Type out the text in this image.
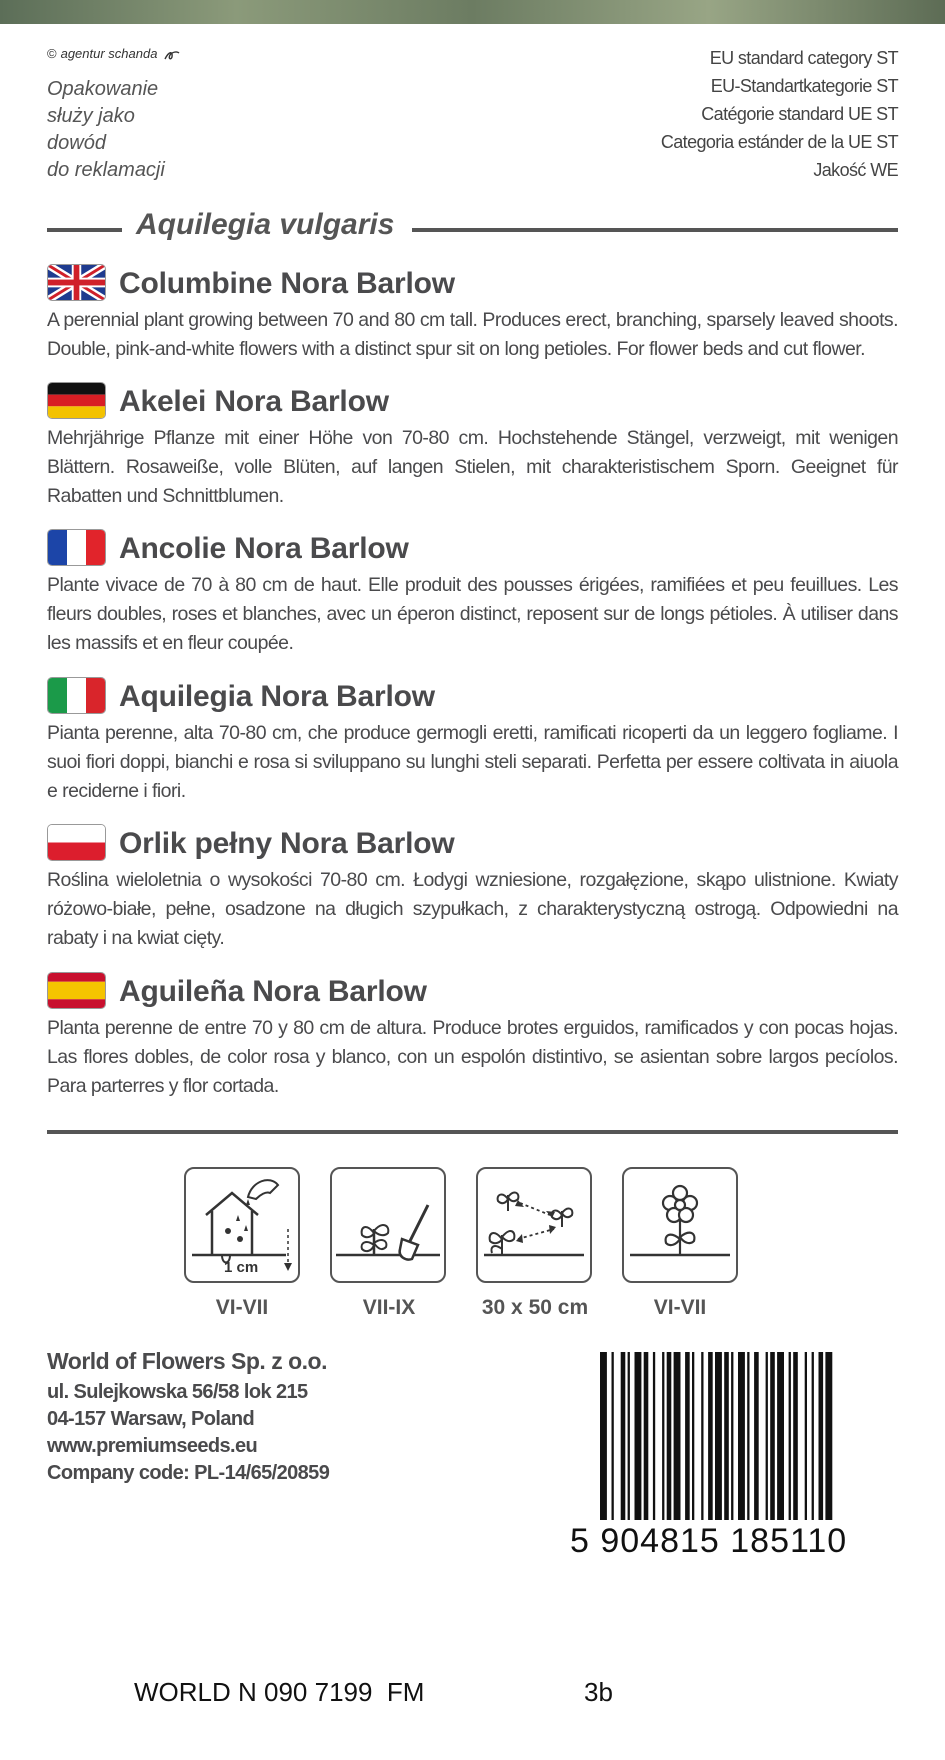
© agentur schanda
Opakowanie
służy jako
dowód
do reklamacji
EU standard category ST
EU-Standartkategorie ST
Catégorie standard UE ST
Categoria estánder de la UE ST
Jakość WE
Aquilegia vulgaris
Columbine Nora Barlow
A perennial plant growing between 70 and 80 cm tall. Produces erect, branching, sparsely leaved shoots. Double, pink-and-white flowers with a distinct spur sit on long petioles. For flower beds and cut flower.
Akelei Nora Barlow
Mehrjährige Pflanze mit einer Höhe von 70-80 cm. Hochstehende Stängel, verzweigt, mit wenigen Blättern. Rosaweiße, volle Blüten, auf langen Stielen, mit charakteristischem Sporn. Geeignet für Rabatten und Schnittblumen.
Ancolie Nora Barlow
Plante vivace de 70 à 80 cm de haut. Elle produit des pousses érigées, ramifiées et peu feuillues. Les fleurs doubles, roses et blanches, avec un éperon distinct, reposent sur de longs pétioles. À utiliser dans les massifs et en fleur coupée.
Aquilegia Nora Barlow
Pianta perenne, alta 70-80 cm, che produce germogli eretti, ramificati ricoperti da un leggero fogliame. I suoi fiori doppi, bianchi e rosa si sviluppano su lunghi steli separati. Perfetta per essere coltivata in aiuola e reciderne i fiori.
Orlik pełny Nora Barlow
Roślina wieloletnia o wysokości 70-80 cm. Łodygi wzniesione, rozgałęzione, skąpo ulistnione. Kwiaty różowo-białe, pełne, osadzone na długich szypułkach, z charakterystyczną ostrogą. Odpowiedni na rabaty i na kwiat cięty.
Aguileña Nora Barlow
Planta perenne de entre 70 y 80 cm de altura. Produce brotes erguidos, ramificados y con pocas hojas. Las flores dobles, de color rosa y blanco, con un espolón distintivo, se asientan sobre largos pecíolos. Para parterres y flor cortada.
1 cm
VI-VII	VII-IX	30 x 50 cm	VI-VII
World of Flowers Sp. z o.o.
ul. Sulejkowska 56/58 lok 215
04-157 Warsaw, Poland
www.premiumseeds.eu
Company code: PL-14/65/20859
5 904815 185110
WORLD N 090 7199  FM	3b
